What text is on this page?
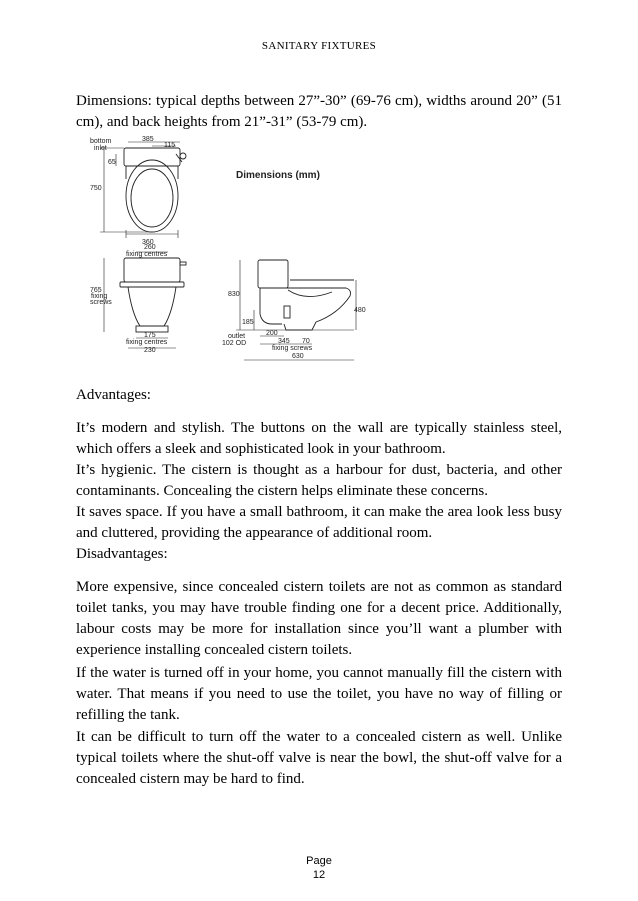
SANITARY FIXTURES

Dimensions: typical depths between 27”-30” (69-76 cm), widths around 20” (51 cm), and back heights from 21”-31” (53-79 cm).

bottom
inlet
385
115
65
750
360
Dimensions (mm)
260
fixing centres
765
fixing
screws
175
fixing centres
230
830
480
185
outlet
102 OD
200
345 70
fixing screws
630

Advantages:

It’s modern and stylish. The buttons on the wall are typically stainless steel, which offers a sleek and sophisticated look in your bathroom.

It’s hygienic. The cistern is thought as a harbour for dust, bacteria, and other contaminants. Concealing the cistern helps eliminate these concerns.

It saves space. If you have a small bathroom, it can make the area look less busy and cluttered, providing the appearance of additional room.

Disadvantages:

More expensive, since concealed cistern toilets are not as common as standard toilet tanks, you may have trouble finding one for a decent price. Additionally, labour costs may be more for installation since you’ll want a plumber with experience installing concealed cistern toilets.

If the water is turned off in your home, you cannot manually fill the cistern with water. That means if you need to use the toilet, you have no way of filling or refilling the tank.

It can be difficult to turn off the water to a concealed cistern as well. Unlike typical toilets where the shut-off valve is near the bowl, the shut-off valve for a concealed cistern may be hard to find.

Page
12
